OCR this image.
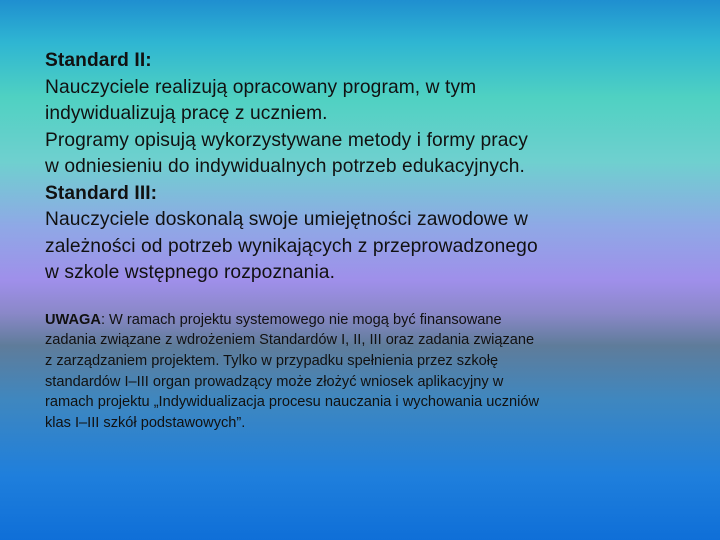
Standard II:

Nauczyciele realizują opracowany program, w tym

indywidualizują pracę z uczniem.

Programy opisują wykorzystywane metody i formy pracy

w odniesieniu do indywidualnych potrzeb edukacyjnych.

Standard III:

Nauczyciele doskonalą swoje umiejętności zawodowe w

zależności od potrzeb wynikających z przeprowadzonego

w szkole wstępnego rozpoznania.

UWAGA: W ramach projektu systemowego nie mogą być finansowane
zadania związane z wdrożeniem Standardów I, II, III oraz zadania związane
z zarządzaniem projektem. Tylko w przypadku spełnienia przez szkołę
standardów I–III organ prowadzący może złożyć wniosek aplikacyjny w
ramach projektu „Indywidualizacja procesu nauczania i wychowania uczniów
klas I–III szkół podstawowych”.
